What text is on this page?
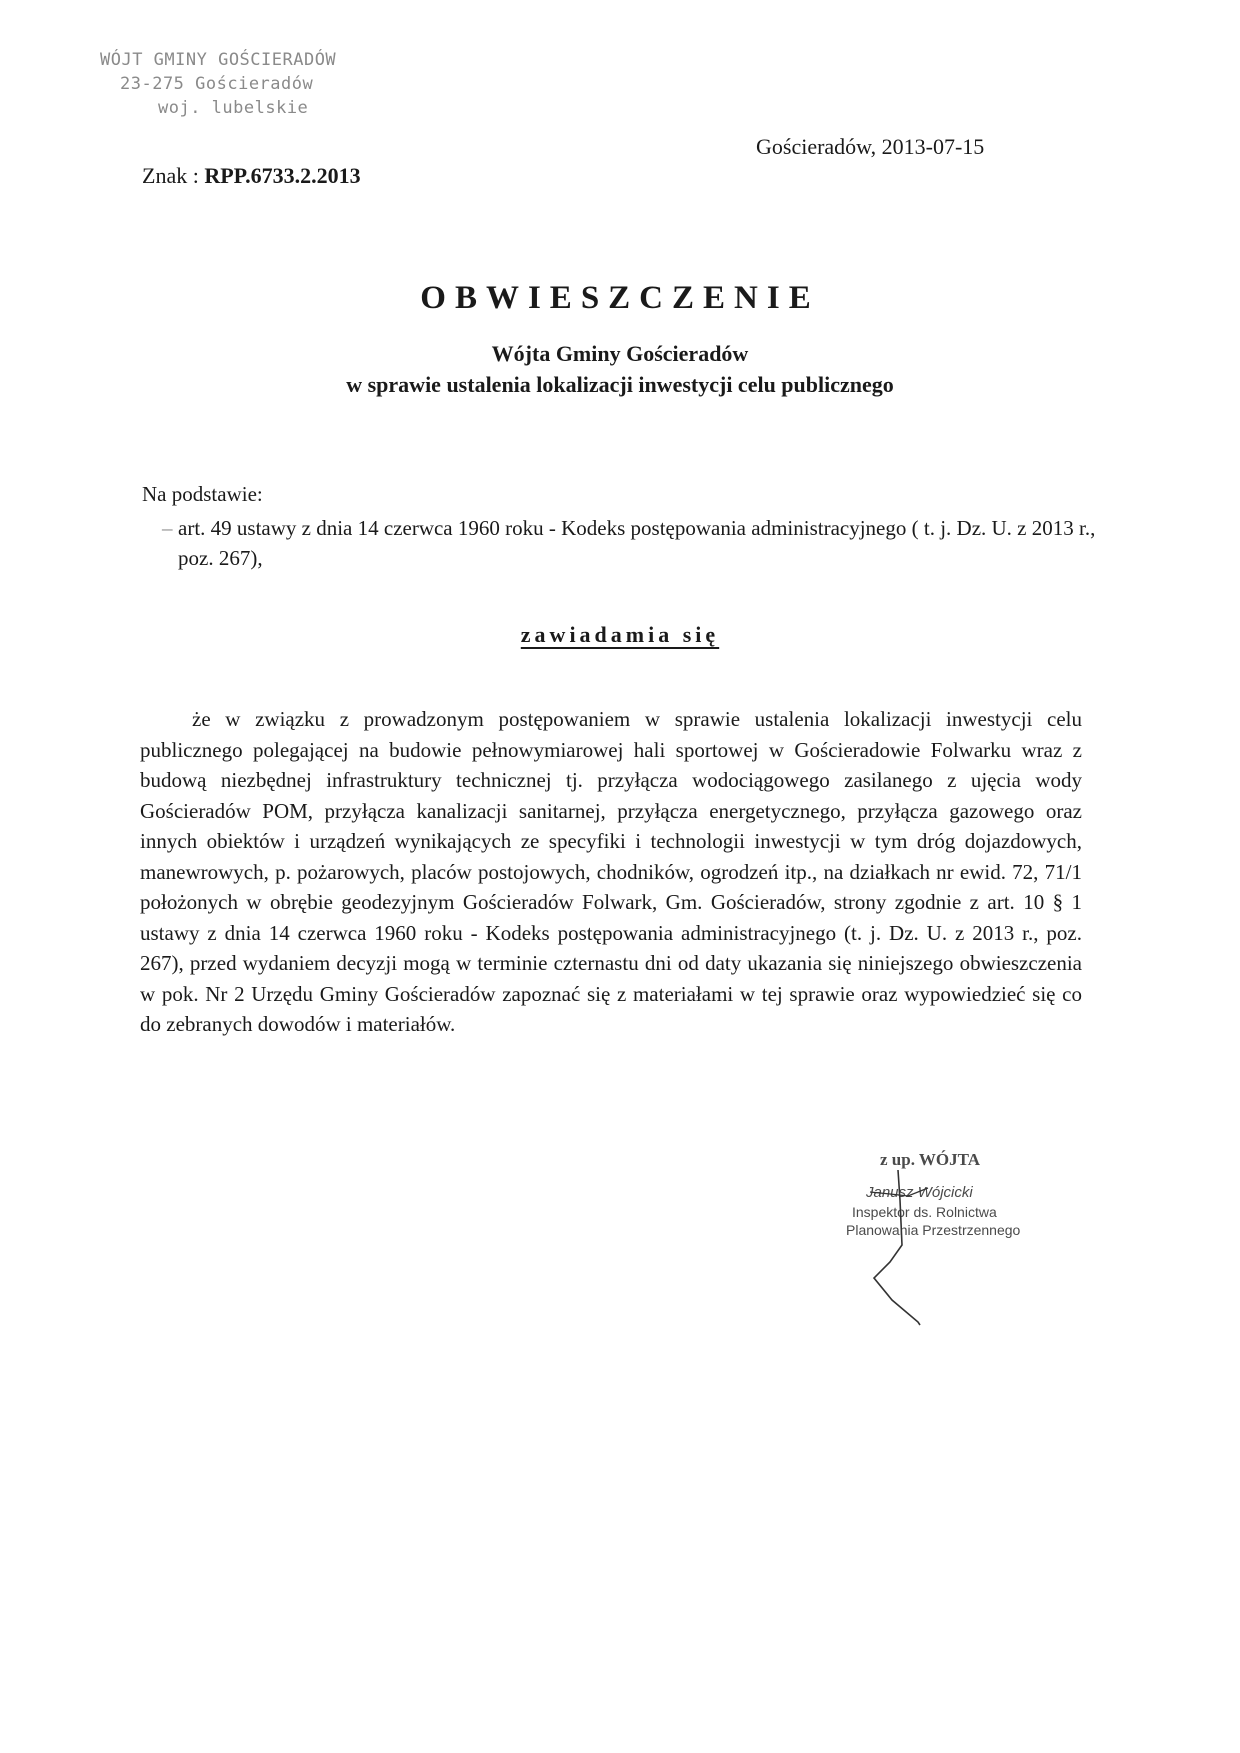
WÓJT GMINY GOŚCIERADÓW
23-275 Gościeradów
woj. lubelskie
Gościeradów, 2013-07-15
Znak : RPP.6733.2.2013
OBWIESZCZENIE
Wójta Gminy Gościeradów
w sprawie ustalenia lokalizacji inwestycji celu publicznego
Na podstawie:
– art. 49 ustawy z dnia 14 czerwca 1960 roku - Kodeks postępowania administracyjnego ( t. j. Dz. U. z 2013 r., poz. 267),
zawiadamia się
że w związku z prowadzonym postępowaniem w sprawie ustalenia lokalizacji inwestycji celu publicznego polegającej na budowie pełnowymiarowej hali sportowej w Gościeradowie Folwarku wraz z budową niezbędnej infrastruktury technicznej tj. przyłącza wodociągowego zasilanego z ujęcia wody Gościeradów POM, przyłącza kanalizacji sanitarnej, przyłącza energetycznego, przyłącza gazowego oraz innych obiektów i urządzeń wynikających ze specyfiki i technologii inwestycji w tym dróg dojazdowych, manewrowych, p. pożarowych, placów postojowych, chodników, ogrodzeń itp., na działkach nr ewid. 72, 71/1 położonych w obrębie geodezyjnym Gościeradów Folwark, Gm. Gościeradów, strony zgodnie z art. 10 § 1 ustawy z dnia 14 czerwca 1960 roku - Kodeks postępowania administracyjnego (t. j. Dz. U. z 2013 r., poz. 267), przed wydaniem decyzji mogą w terminie czternastu dni od daty ukazania się niniejszego obwieszczenia w pok. Nr 2 Urzędu Gminy Gościeradów zapoznać się z materiałami w tej sprawie oraz wypowiedzieć się co do zebranych dowodów i materiałów.
z up. WÓJTA
Janusz Wójcicki
Inspektor ds. Rolnictwa
Planowania Przestrzennego
